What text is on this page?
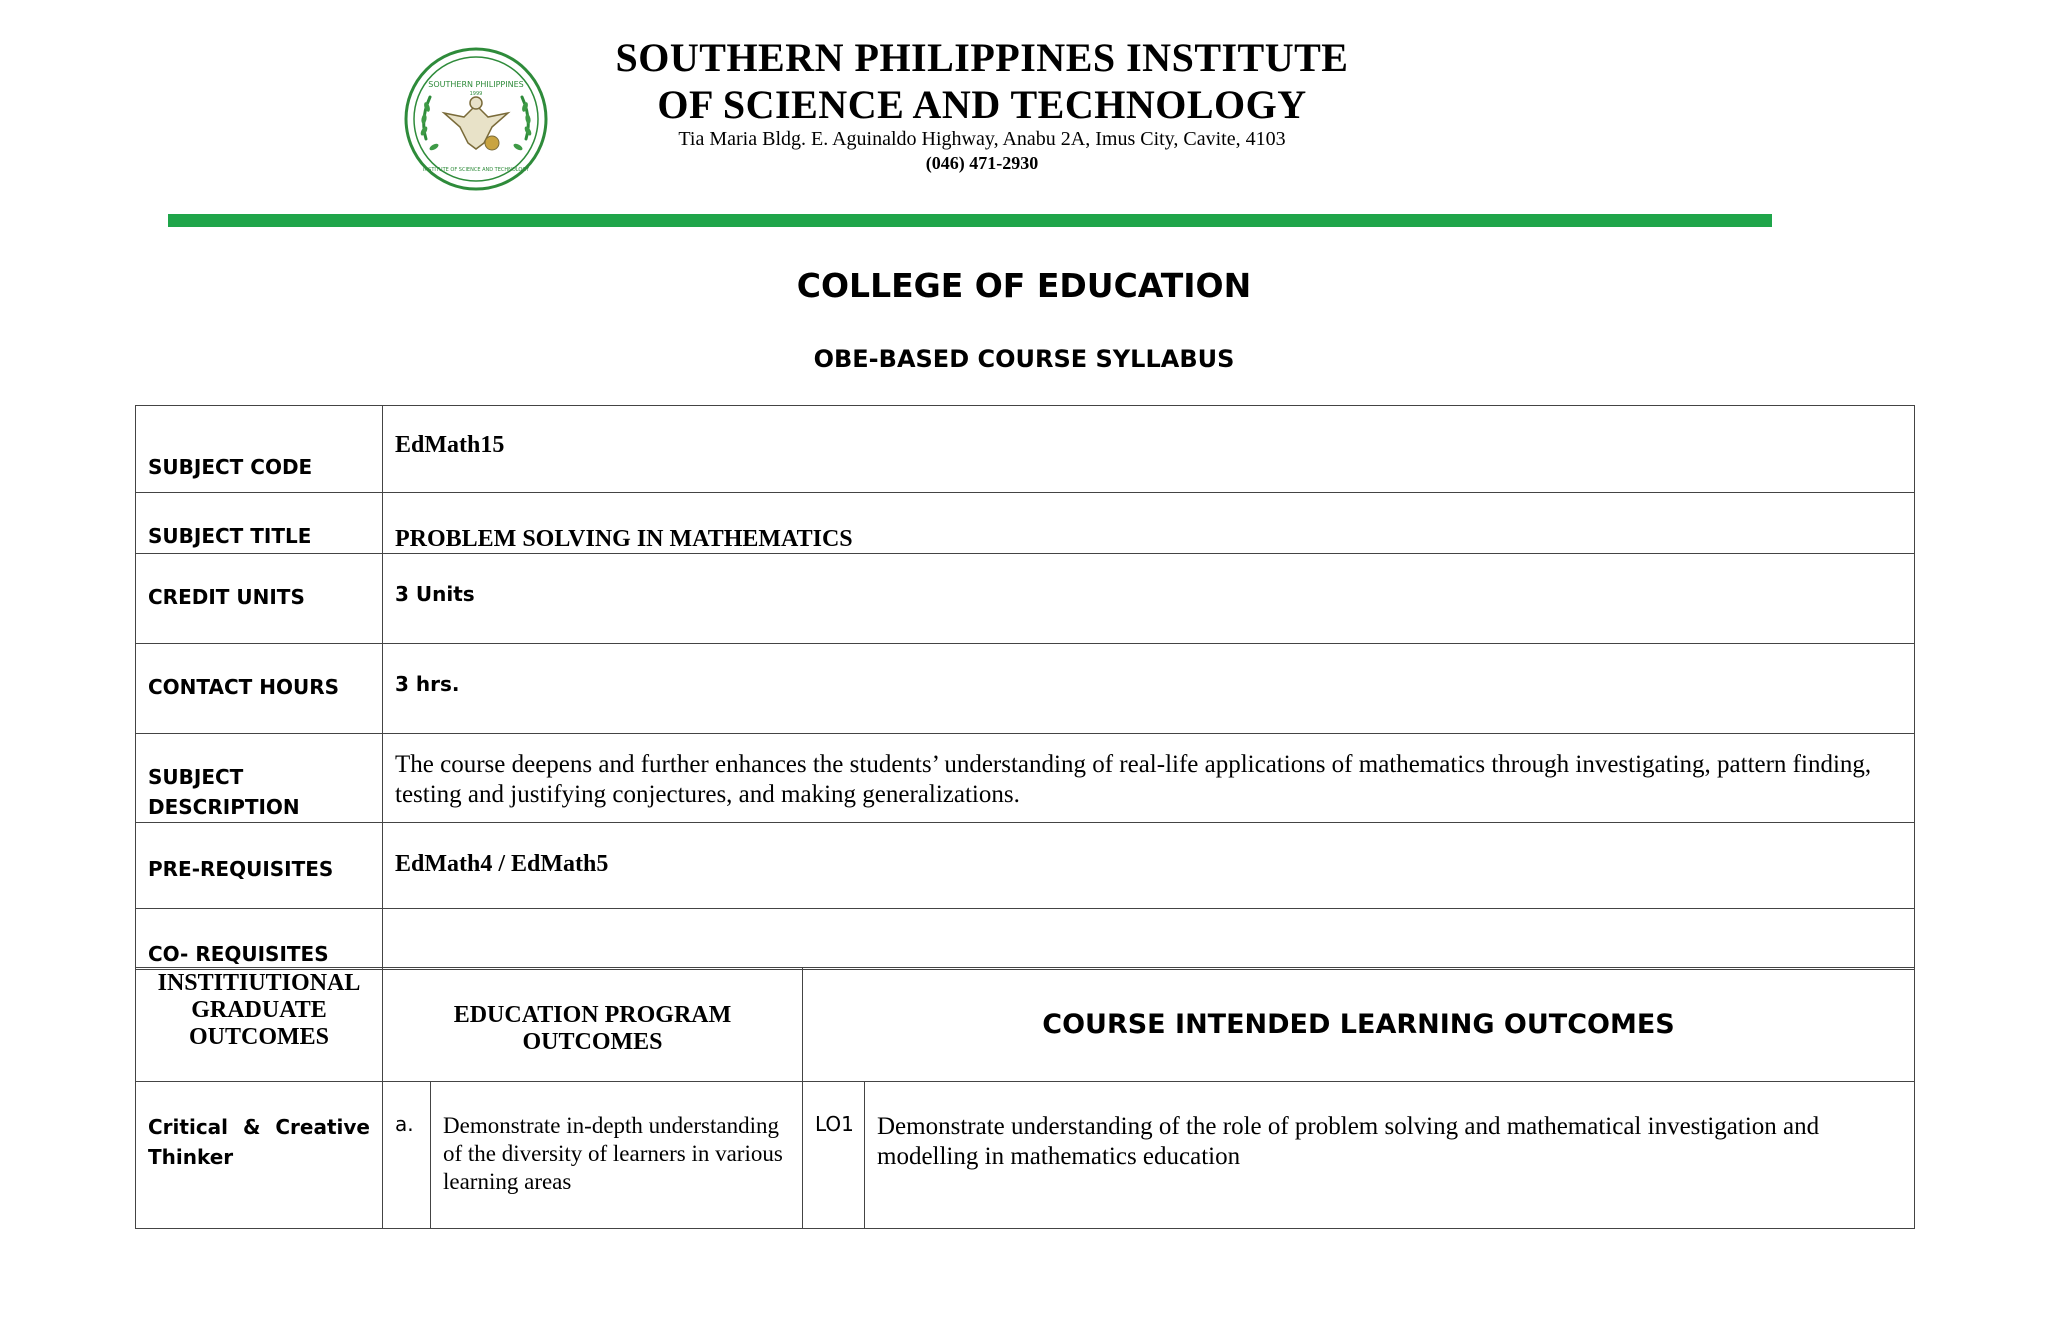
SOUTHERN PHILIPPINES
1999
INSTITUTE OF SCIENCE AND TECHNOLOGY
SOUTHERN PHILIPPINES INSTITUTE
OF SCIENCE AND TECHNOLOGY
Tia Maria Bldg. E. Aguinaldo Highway, Anabu 2A, Imus City, Cavite, 4103
(046) 471-2930
COLLEGE OF EDUCATION
OBE-BASED COURSE SYLLABUS
SUBJECT CODE	EdMath15
SUBJECT TITLE	PROBLEM SOLVING IN MATHEMATICS
CREDIT UNITS	3 Units
CONTACT HOURS	3 hrs.

SUBJECT
DESCRIPTION	The course deepens and further enhances the students’ understanding of real-life applications of mathematics through investigating, pattern finding, testing and justifying conjectures, and making generalizations.
PRE-REQUISITES	EdMath4 / EdMath5
CO- REQUISITES	
INSTITIUTIONAL GRADUATE OUTCOMES	EDUCATION PROGRAM OUTCOMES		COURSE INTENDED LEARNING OUTCOMES	
Critical & Creative
Thinker	a.	Demonstrate in-depth understanding of the diversity of learners in various learning areas	LO1	Demonstrate understanding of the role of problem solving and mathematical investigation and modelling in mathematics education
